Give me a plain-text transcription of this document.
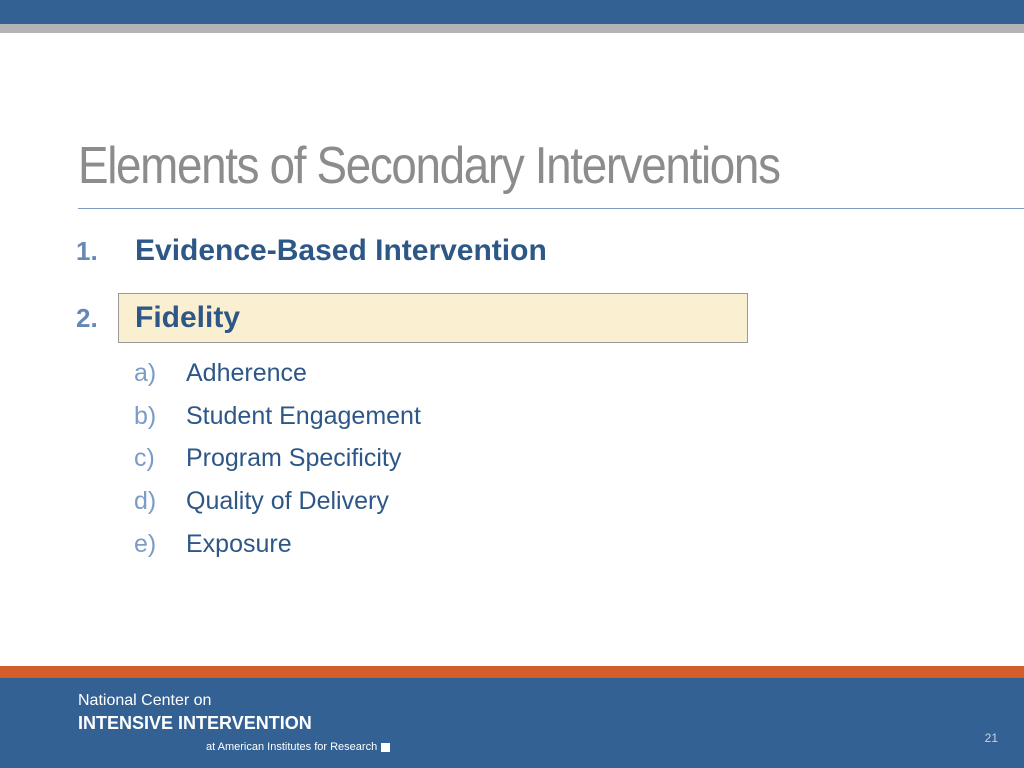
Elements of Secondary Interventions
1.	Evidence-Based Intervention
2.	Fidelity
a)	Adherence
b)	Student Engagement
c)	Program Specificity
d)	Quality of Delivery
e)	Exposure
National Center on
INTENSIVE INTERVENTION
at American Institutes for Research
21
